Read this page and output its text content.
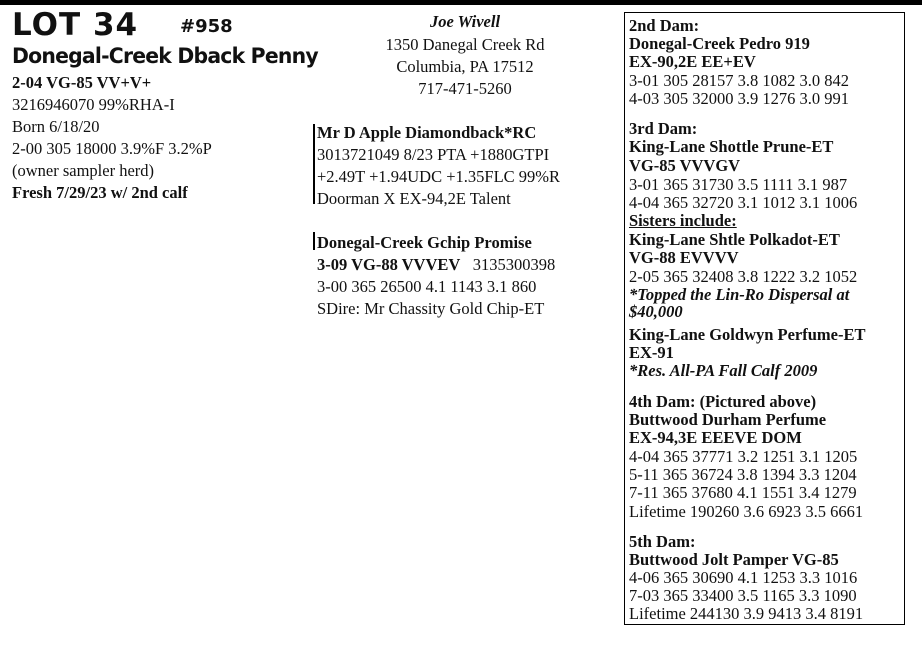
LOT 34 #958
Donegal-Creek Dback Penny
2-04 VG-85 VV+V+
3216946070 99%RHA-I
Born 6/18/20
2-00 305 18000 3.9%F 3.2%P
(owner sampler herd)
Fresh 7/29/23 w/ 2nd calf
Joe Wivell
1350 Danegal Creek Rd
Columbia, PA 17512
717-471-5260
Mr D Apple Diamondback*RC
3013721049 8/23 PTA +1880GTPI
+2.49T +1.94UDC +1.35FLC 99%R
Doorman X EX-94,2E Talent
Donegal-Creek Gchip Promise
3-09 VG-88 VVVEV 3135300398
3-00 365 26500 4.1 1143 3.1 860
SDire: Mr Chassity Gold Chip-ET
2nd Dam:
Donegal-Creek Pedro 919
EX-90,2E EE+EV
3-01 305 28157 3.8 1082 3.0 842
4-03 305 32000 3.9 1276 3.0 991
3rd Dam:
King-Lane Shottle Prune-ET
VG-85 VVVGV
3-01 365 31730 3.5 1111 3.1 987
4-04 365 32720 3.1 1012 3.1 1006
Sisters include:
King-Lane Shtle Polkadot-ET
VG-88 EVVVV
2-05 365 32408 3.8 1222 3.2 1052
*Topped the Lin-Ro Dispersal at
$40,000
King-Lane Goldwyn Perfume-ET
EX-91
*Res. All-PA Fall Calf 2009
4th Dam: (Pictured above)
Buttwood Durham Perfume
EX-94,3E EEEVE DOM
4-04 365 37771 3.2 1251 3.1 1205
5-11 365 36724 3.8 1394 3.3 1204
7-11 365 37680 4.1 1551 3.4 1279
Lifetime 190260 3.6 6923 3.5 6661
5th Dam:
Buttwood Jolt Pamper VG-85
4-06 365 30690 4.1 1253 3.3 1016
7-03 365 33400 3.5 1165 3.3 1090
Lifetime 244130 3.9 9413 3.4 8191
